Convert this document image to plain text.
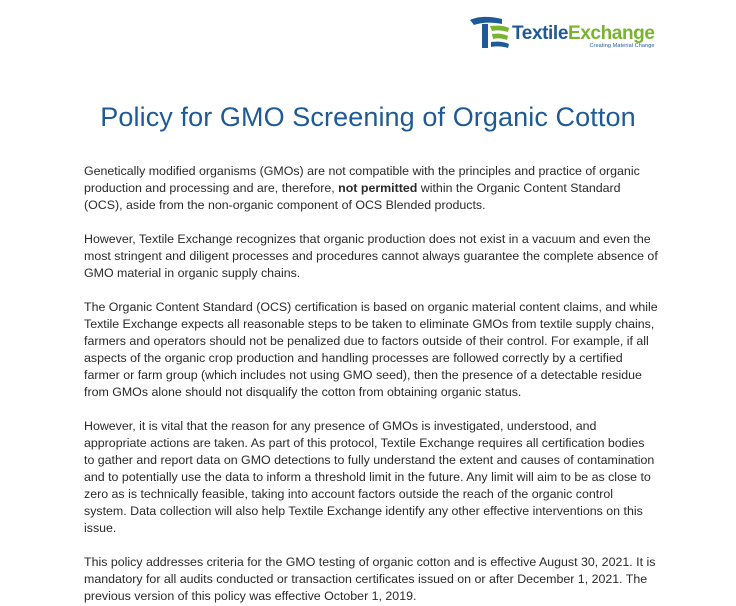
TextileExchange
Creating Material Change
Policy for GMO Screening of Organic Cotton

Genetically modified organisms (GMOs) are not compatible with the principles and practice of organic production and processing and are, therefore, not permitted within the Organic Content Standard (OCS), aside from the non-organic component of OCS Blended products.

However, Textile Exchange recognizes that organic production does not exist in a vacuum and even the most stringent and diligent processes and procedures cannot always guarantee the complete absence of GMO material in organic supply chains.

The Organic Content Standard (OCS) certification is based on organic material content claims, and while Textile Exchange expects all reasonable steps to be taken to eliminate GMOs from textile supply chains, farmers and operators should not be penalized due to factors outside of their control. For example, if all aspects of the organic crop production and handling processes are followed correctly by a certified farmer or farm group (which includes not using GMO seed), then the presence of a detectable residue from GMOs alone should not disqualify the cotton from obtaining organic status.

However, it is vital that the reason for any presence of GMOs is investigated, understood, and appropriate actions are taken. As part of this protocol, Textile Exchange requires all certification bodies to gather and report data on GMO detections to fully understand the extent and causes of contamination and to potentially use the data to inform a threshold limit in the future. Any limit will aim to be as close to zero as is technically feasible, taking into account factors outside the reach of the organic control system. Data collection will also help Textile Exchange identify any other effective interventions on this issue.

This policy addresses criteria for the GMO testing of organic cotton and is effective August 30, 2021. It is mandatory for all audits conducted or transaction certificates issued on or after December 1, 2021. The previous version of this policy was effective October 1, 2019.
